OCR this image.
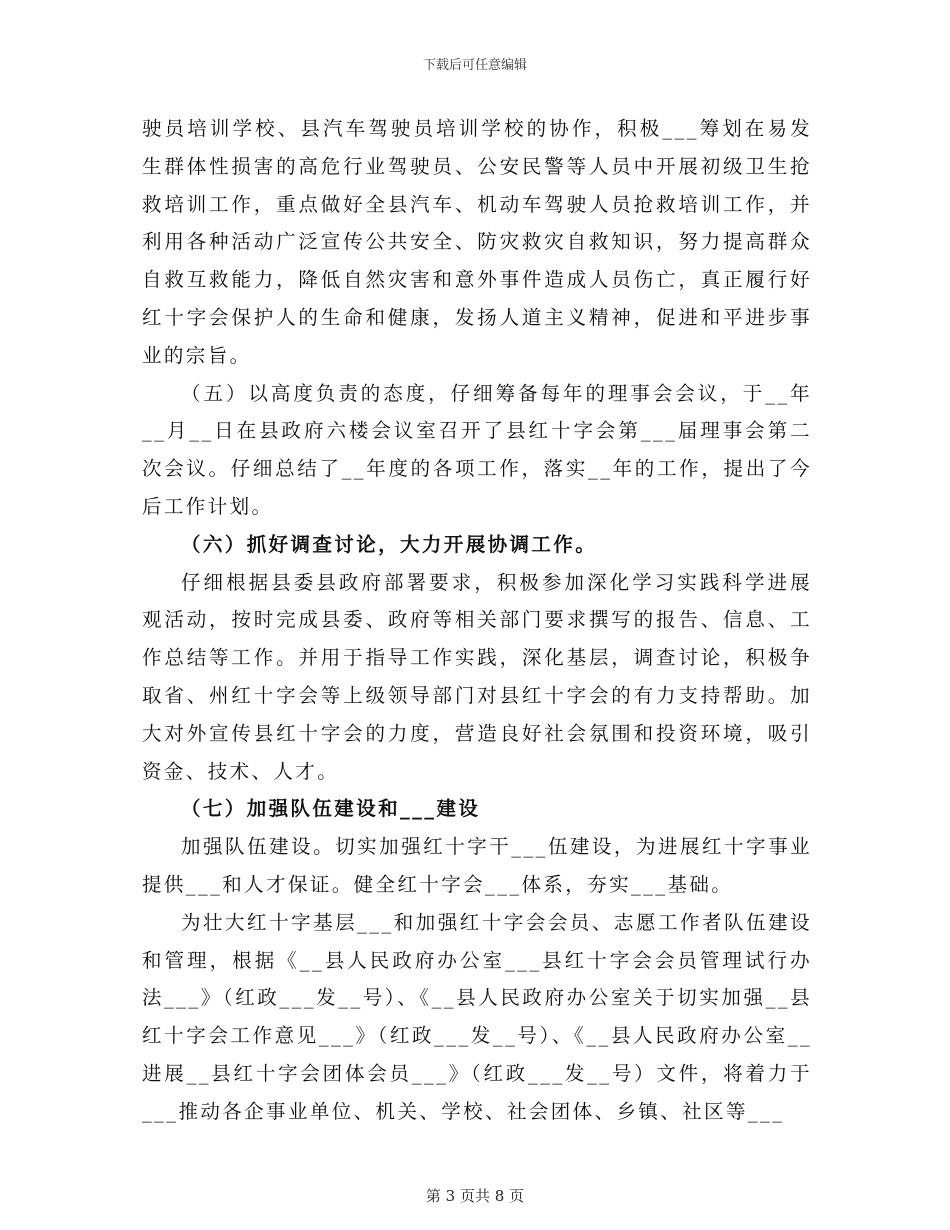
下载后可任意编辑

驶员培训学校、县汽车驾驶员培训学校的协作，积极___筹划在易发生群体性损害的高危行业驾驶员、公安民警等人员中开展初级卫生抢救培训工作，重点做好全县汽车、机动车驾驶人员抢救培训工作，并利用各种活动广泛宣传公共安全、防灾救灾自救知识，努力提高群众自救互救能力，降低自然灾害和意外事件造成人员伤亡，真正履行好红十字会保护人的生命和健康，发扬人道主义精神，促进和平进步事业的宗旨。

（五）以高度负责的态度，仔细筹备每年的理事会会议，于__年__月__日在县政府六楼会议室召开了县红十字会第___届理事会第二次会议。仔细总结了__年度的各项工作，落实__年的工作，提出了今后工作计划。

（六）抓好调查讨论，大力开展协调工作。

仔细根据县委县政府部署要求，积极参加深化学习实践科学进展观活动，按时完成县委、政府等相关部门要求撰写的报告、信息、工作总结等工作。并用于指导工作实践，深化基层，调查讨论，积极争取省、州红十字会等上级领导部门对县红十字会的有力支持帮助。加大对外宣传县红十字会的力度，营造良好社会氛围和投资环境，吸引资金、技术、人才。

（七）加强队伍建设和___建设

加强队伍建设。切实加强红十字干___伍建设，为进展红十字事业提供___和人才保证。健全红十字会___体系，夯实___基础。

为壮大红十字基层___和加强红十字会会员、志愿工作者队伍建设和管理，根据《__县人民政府办公室___县红十字会会员管理试行办法___》（红政___发__号）、《__县人民政府办公室关于切实加强__县红十字会工作意见___》（红政___发__号）、《__县人民政府办公室__进展__县红十字会团体会员___》（红政___发__号）文件，将着力于___推动各企事业单位、机关、学校、社会团体、乡镇、社区等___

第 3 页共 8 页
